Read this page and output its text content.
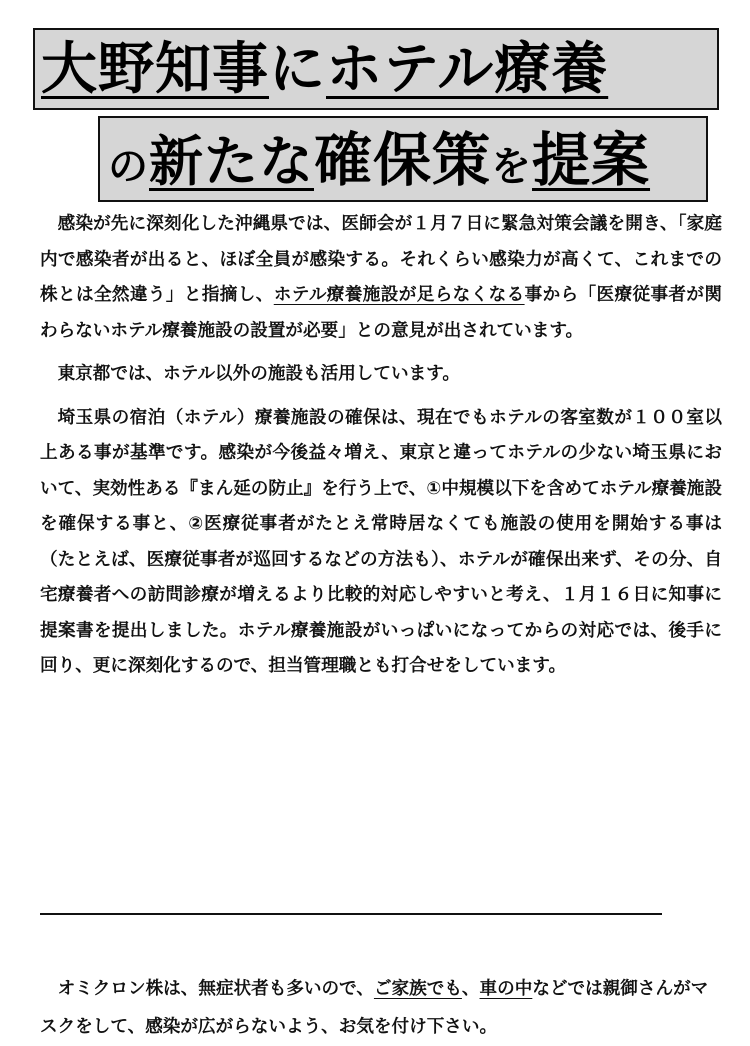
大野知事にホテル療養
の新たな確保策を提案

感染が先に深刻化した沖縄県では、医師会が１月７日に緊急対策会議を開き、「家庭内で感染者が出ると、ほぼ全員が感染する。それくらい感染力が高くて、これまでの株とは全然違う」と指摘し、ホテル療養施設が足らなくなる事から「医療従事者が関わらないホテル療養施設の設置が必要」との意見が出されています。

東京都では、ホテル以外の施設も活用しています。

埼玉県の宿泊（ホテル）療養施設の確保は、現在でもホテルの客室数が１００室以上ある事が基準です。感染が今後益々増え、東京と違ってホテルの少ない埼玉県において、実効性ある『まん延の防止』を行う上で、①中規模以下を含めてホテル療養施設を確保する事と、②医療従事者がたとえ常時居なくても施設の使用を開始する事は（たとえば、医療従事者が巡回するなどの方法も）、ホテルが確保出来ず、その分、自宅療養者への訪問診療が増えるより比較的対応しやすいと考え、１月１６日に知事に提案書を提出しました。ホテル療養施設がいっぱいになってからの対応では、後手に回り、更に深刻化するので、担当管理職とも打合せをしています。

オミクロン株は、無症状者も多いので、ご家族でも、車の中などでは親御さんがマスクをして、感染が広がらないよう、お気を付け下さい。
